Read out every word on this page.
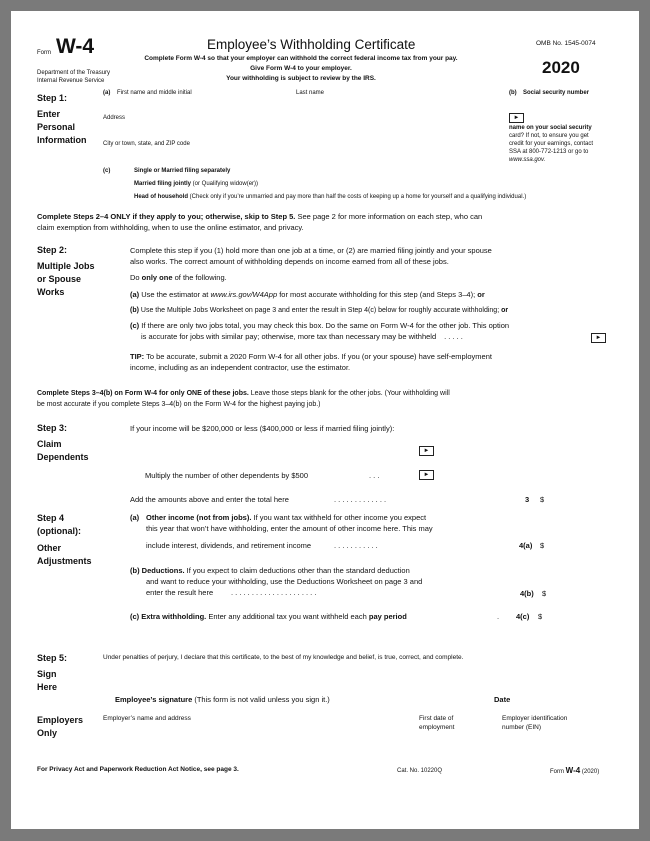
Form W-4
Department of the Treasury
Internal Revenue Service
Employee’s Withholding Certificate
Complete Form W-4 so that your employer can withhold the correct federal income tax from your pay.
Give Form W-4 to your employer.
Your withholding is subject to review by the IRS.
OMB No. 1545-0074
2020
Step 1:
Enter
Personal
Information
(a) First name and middle initial	Last name	(b) Social security number
Address
City or town, state, and ZIP code
►
name on your social security
card? If not, to ensure you get
credit for your earnings, contact
SSA at 800-772-1213 or go to
www.ssa.gov.
(c)	Single or Married filing separately
Married filing jointly (or Qualifying widow(er))
Head of household (Check only if you’re unmarried and pay more than half the costs of keeping up a home for yourself and a qualifying individual.)
Complete Steps 2–4 ONLY if they apply to you; otherwise, skip to Step 5. See page 2 for more information on each step, who can
claim exemption from withholding, when to use the online estimator, and privacy.
Step 2:
Multiple Jobs
or Spouse
Works
Complete this step if you (1) hold more than one job at a time, or (2) are married filing jointly and your spouse
also works. The correct amount of withholding depends on income earned from all of these jobs.
Do only one of the following.
(a) Use the estimator at www.irs.gov/W4App for most accurate withholding for this step (and Steps 3–4); or
(b) Use the Multiple Jobs Worksheet on page 3 and enter the result in Step 4(c) below for roughly accurate withholding; or
(c) If there are only two jobs total, you may check this box. Do the same on Form W-4 for the other job. This option
is accurate for jobs with similar pay; otherwise, more tax than necessary may be withheld . . . . .	►
TIP: To be accurate, submit a 2020 Form W-4 for all other jobs. If you (or your spouse) have self-employment
income, including as an independent contractor, use the estimator.
Complete Steps 3–4(b) on Form W-4 for only ONE of these jobs. Leave those steps blank for the other jobs. (Your withholding will
be most accurate if you complete Steps 3–4(b) on the Form W-4 for the highest paying job.)
Step 3:
Claim
Dependents
If your income will be $200,000 or less ($400,000 or less if married filing jointly):
►
Multiply the number of other dependents by $500	. . .	►
Add the amounts above and enter the total here	. . . . . . . . . . . . .	3 $
Step 4
(optional):
Other
Adjustments
(a) Other income (not from jobs). If you want tax withheld for other income you expect
this year that won’t have withholding, enter the amount of other income here. This may
include interest, dividends, and retirement income	. . . . . . . . . . .	4(a) $
(b) Deductions. If you expect to claim deductions other than the standard deduction
and want to reduce your withholding, use the Deductions Worksheet on page 3 and
enter the result here . . . . . . . . . . . . . . . . . . . . .	4(b) $
(c) Extra withholding. Enter any additional tax you want withheld each pay period	. 4(c) $
Step 5:
Sign
Here
Under penalties of perjury, I declare that this certificate, to the best of my knowledge and belief, is true, correct, and complete.
Employee’s signature (This form is not valid unless you sign it.)	Date
Employers
Only
Employer’s name and address	First date of
employment
Employer identification
number (EIN)
For Privacy Act and Paperwork Reduction Act Notice, see page 3.	Cat. No. 10220Q	Form W-4 (2020)
